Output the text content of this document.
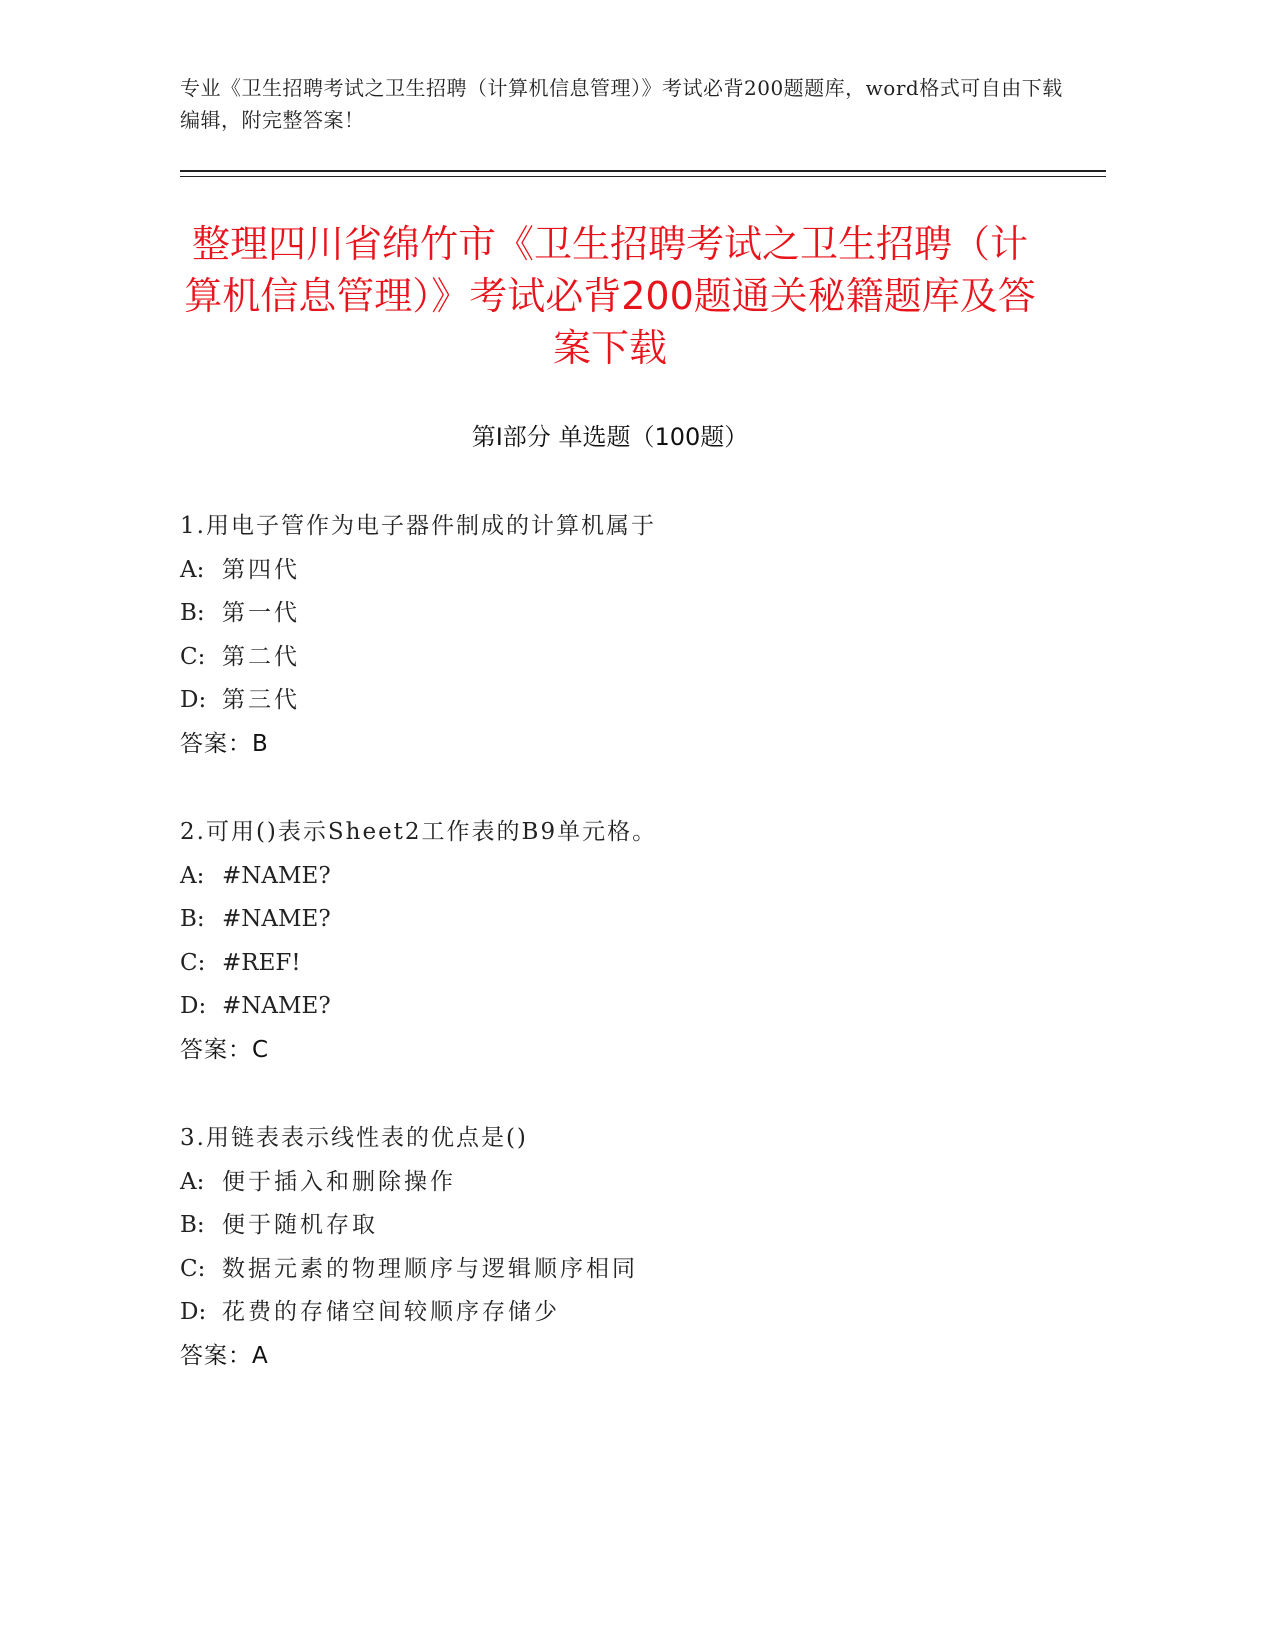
专业《卫生招聘考试之卫生招聘（计算机信息管理）》考试必背200题题库，word格式可自由下载编辑，附完整答案！
整理四川省绵竹市《卫生招聘考试之卫生招聘（计算机信息管理）》考试必背200题通关秘籍题库及答案下载
第Ⅰ部分 单选题（100题）
1.用电子管作为电子器件制成的计算机属于
A: 第四代
B: 第一代
C: 第二代
D: 第三代
答案：B
2.可用()表示Sheet2工作表的B9单元格。
A: #NAME?
B: #NAME?
C: #REF!
D: #NAME?
答案：C
3.用链表表示线性表的优点是()
A: 便于插入和删除操作
B: 便于随机存取
C: 数据元素的物理顺序与逻辑顺序相同
D: 花费的存储空间较顺序存储少
答案：A
